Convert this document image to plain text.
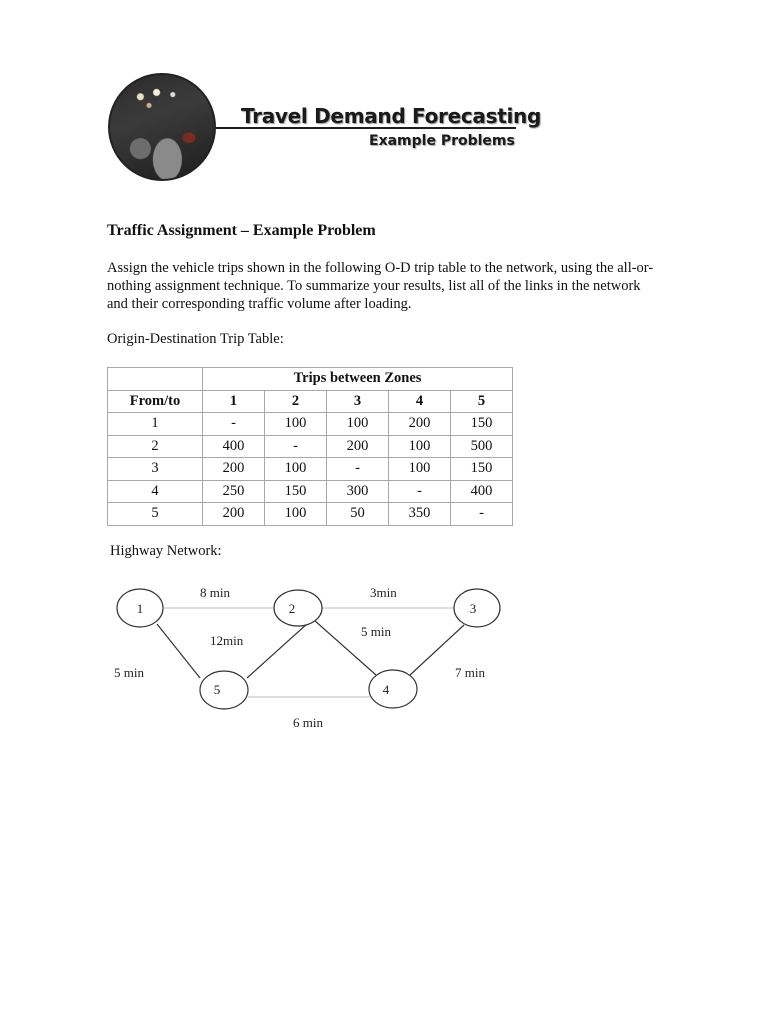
Travel Demand Forecasting
Example Problems
Traffic Assignment – Example Problem
Assign the vehicle trips shown in the following O-D trip table to the network, using the all-or-nothing assignment technique. To summarize your results, list all of the links in the network and their corresponding traffic volume after loading.
Origin-Destination Trip Table:
	Trips between Zones				
From/to	1	2	3	4	5
1	-	100	100	200	150
2	400	-	200	100	500
3	200	100	-	100	150
4	250	150	300	-	400
5	200	100	50	350	-
Highway Network:
1	2	3
4
5
8 min	3min
5 min
12min
5 min	7 min
6 min
